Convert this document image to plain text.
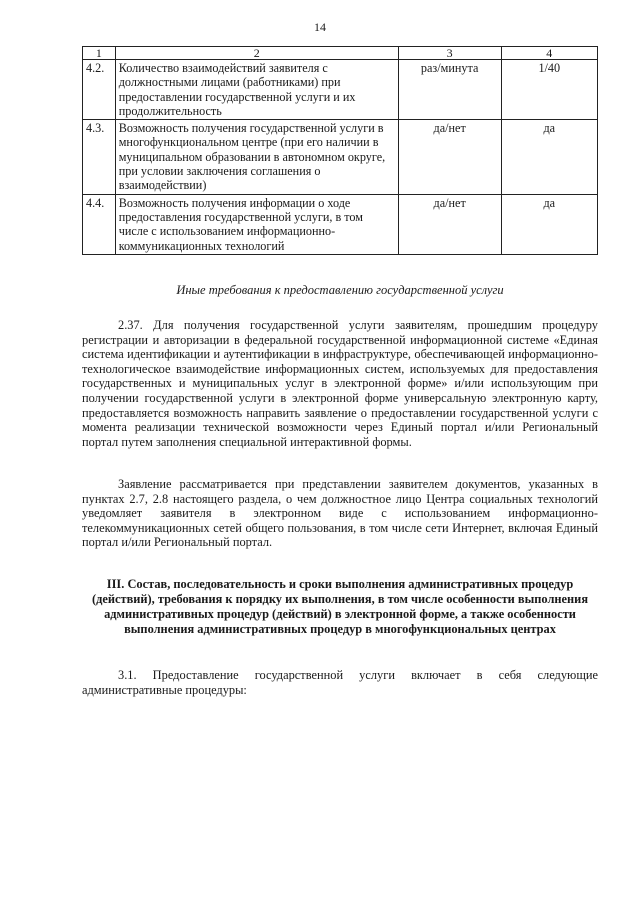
14
1	2	3	4
4.2.	Количество взаимодействий заявителя с должностными лицами (работниками) при предоставлении государственной услуги и их продолжительность	раз/минута	1/40
4.3.	Возможность получения государственной услуги в многофункциональном центре (при его наличии в муниципальном образовании в автономном округе, при условии заключения соглашения о взаимодействии)	да/нет	да
4.4.	Возможность получения информации о ходе предоставления государственной услуги, в том числе с использованием информационно-коммуникационных технологий	да/нет	да
Иные требования к предоставлению государственной услуги

2.37. Для получения государственной услуги заявителям, прошедшим процедуру регистрации и авторизации в федеральной государственной информационной системе «Единая система идентификации и аутентификации в инфраструктуре, обеспечивающей информационно-технологическое взаимодействие информационных систем, используемых для предоставления государственных и муниципальных услуг в электронной форме» и/или использующим при получении государственной услуги в электронной форме универсальную электронную карту, предоставляется возможность направить заявление о предоставлении государственной услуги с момента реализации технической возможности через Единый портал и/или Региональный портал путем заполнения специальной интерактивной формы.

Заявление рассматривается при представлении заявителем документов, указанных в пунктах 2.7, 2.8 настоящего раздела, о чем должностное лицо Центра социальных технологий уведомляет заявителя в электронном виде с использованием информационно-телекоммуникационных сетей общего пользования, в том числе сети Интернет, включая Единый портал и/или Региональный портал.

III. Состав, последовательность и сроки выполнения административных процедур (действий), требования к порядку их выполнения, в том числе особенности выполнения административных процедур (действий) в электронной форме, а также особенности выполнения административных процедур в многофункциональных центрах

3.1. Предоставление государственной услуги включает в себя следующие административные процедуры:
